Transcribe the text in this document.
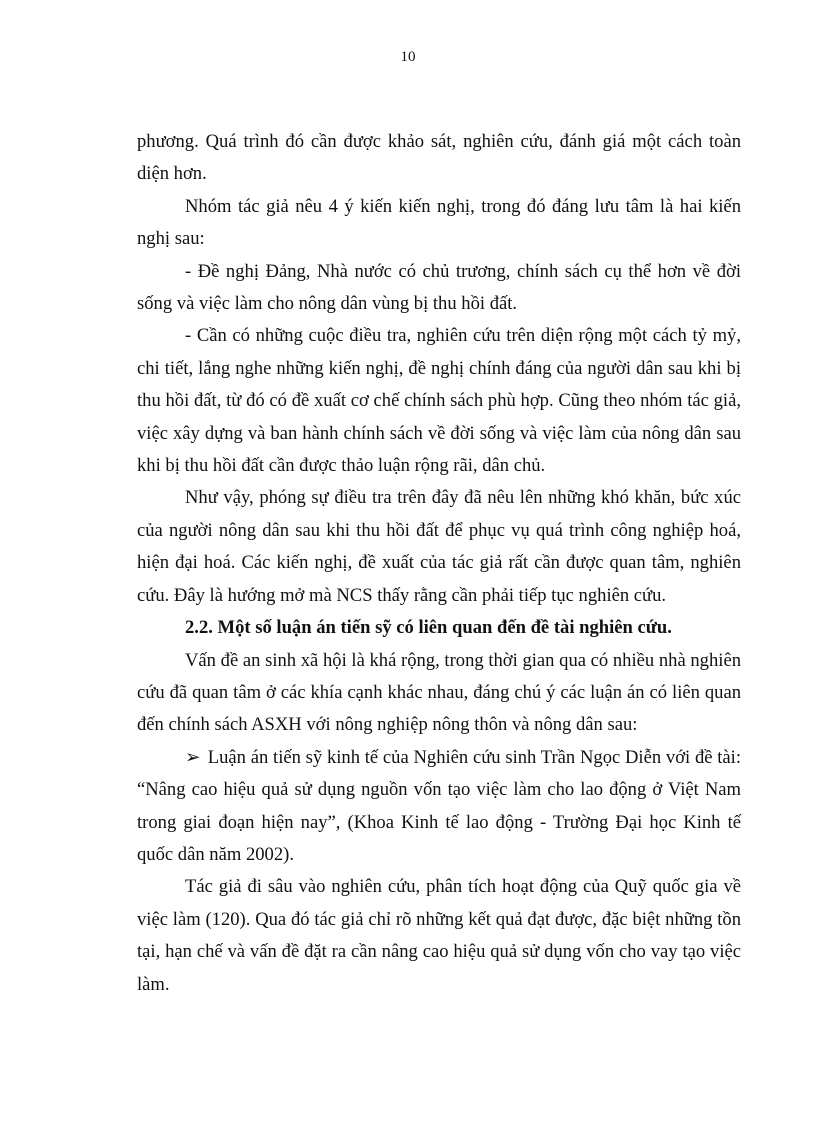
10

phương. Quá trình đó cần được khảo sát, nghiên cứu, đánh giá một cách toàn diện hơn.

Nhóm tác giả nêu 4 ý kiến kiến nghị, trong đó đáng lưu tâm là hai kiến nghị sau:

- Đề nghị Đảng, Nhà nước có chủ trương, chính sách cụ thể hơn về đời sống và việc làm cho nông dân vùng bị thu hồi đất.

- Cần có những cuộc điều tra, nghiên cứu trên diện rộng một cách tỷ mỷ, chi tiết, lắng nghe những kiến nghị, đề nghị chính đáng của người dân sau khi bị thu hồi đất, từ đó có đề xuất cơ chế chính sách phù hợp. Cũng theo nhóm tác giả, việc xây dựng và ban hành chính sách về đời sống và việc làm của nông dân sau khi bị thu hồi đất cần được thảo luận rộng rãi, dân chủ.

Như vậy, phóng sự điều tra trên đây đã nêu lên những khó khăn, bức xúc của người nông dân sau khi thu hồi đất để phục vụ quá trình công nghiệp hoá, hiện đại hoá. Các kiến nghị, đề xuất của tác giả rất cần được quan tâm, nghiên cứu. Đây là hướng mở mà NCS thấy rằng cần phải tiếp tục nghiên cứu.

2.2. Một số luận án tiến sỹ có liên quan đến đề tài nghiên cứu.

Vấn đề an sinh xã hội là khá rộng, trong thời gian qua có nhiều nhà nghiên cứu đã quan tâm ở các khía cạnh khác nhau, đáng chú ý các luận án có liên quan đến chính sách ASXH với nông nghiệp nông thôn và nông dân sau:

➢ Luận án tiến sỹ kinh tế của Nghiên cứu sinh Trần Ngọc Diễn với đề tài: “Nâng cao hiệu quả sử dụng nguồn vốn tạo việc làm cho lao động ở Việt Nam trong giai đoạn hiện nay”, (Khoa Kinh tế lao động - Trường Đại học Kinh tế quốc dân năm 2002).

Tác giả đi sâu vào nghiên cứu, phân tích hoạt động của Quỹ quốc gia về việc làm (120). Qua đó tác giả chỉ rõ những kết quả đạt được, đặc biệt những tồn tại, hạn chế và vấn đề đặt ra cần nâng cao hiệu quả sử dụng vốn cho vay tạo việc làm.
